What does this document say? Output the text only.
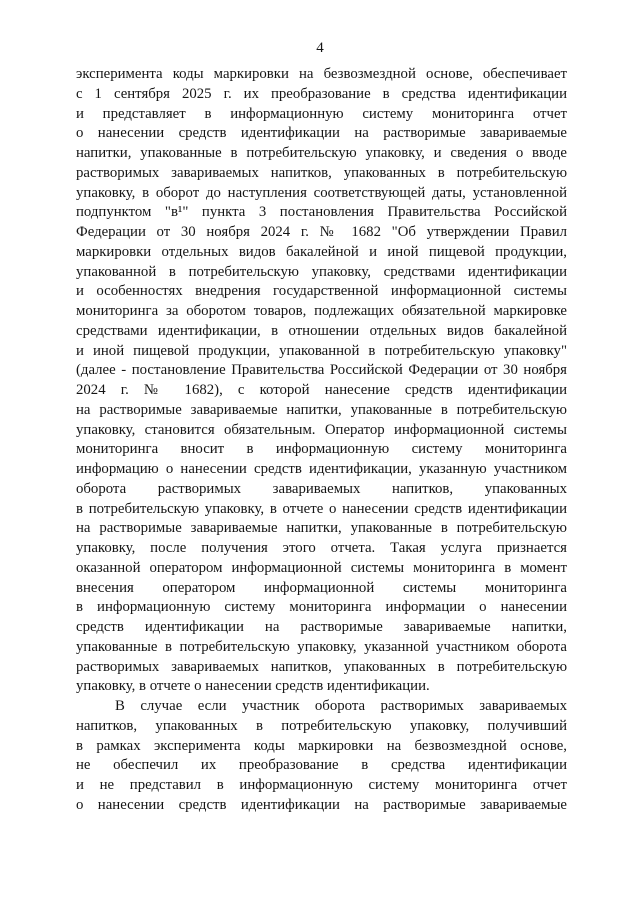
4
эксперимента коды маркировки на безвозмездной основе, обеспечивает
с 1 сентября 2025 г. их преобразование в средства идентификации
и представляет в информационную систему мониторинга отчет
о нанесении средств идентификации на растворимые завариваемые
напитки, упакованные в потребительскую упаковку, и сведения о вводе
растворимых завариваемых напитков, упакованных в потребительскую
упаковку, в оборот до наступления соответствующей даты, установленной
подпунктом "в¹" пункта 3 постановления Правительства Российской
Федерации от 30 ноября 2024 г. № 1682 "Об утверждении Правил
маркировки отдельных видов бакалейной и иной пищевой продукции,
упакованной в потребительскую упаковку, средствами идентификации
и особенностях внедрения государственной информационной системы
мониторинга за оборотом товаров, подлежащих обязательной маркировке
средствами идентификации, в отношении отдельных видов бакалейной
и иной пищевой продукции, упакованной в потребительскую упаковку"
(далее - постановление Правительства Российской Федерации от 30 ноября
2024 г. № 1682), с которой нанесение средств идентификации
на растворимые завариваемые напитки, упакованные в потребительскую
упаковку, становится обязательным. Оператор информационной системы
мониторинга вносит в информационную систему мониторинга
информацию о нанесении средств идентификации, указанную участником
оборота растворимых завариваемых напитков, упакованных
в потребительскую упаковку, в отчете о нанесении средств идентификации
на растворимые завариваемые напитки, упакованные в потребительскую
упаковку, после получения этого отчета. Такая услуга признается
оказанной оператором информационной системы мониторинга в момент
внесения оператором информационной системы мониторинга
в информационную систему мониторинга информации о нанесении
средств идентификации на растворимые завариваемые напитки,
упакованные в потребительскую упаковку, указанной участником оборота
растворимых завариваемых напитков, упакованных в потребительскую
упаковку, в отчете о нанесении средств идентификации.
В случае если участник оборота растворимых завариваемых
напитков, упакованных в потребительскую упаковку, получивший
в рамках эксперимента коды маркировки на безвозмездной основе,
не обеспечил их преобразование в средства идентификации
и не представил в информационную систему мониторинга отчет
о нанесении средств идентификации на растворимые завариваемые
